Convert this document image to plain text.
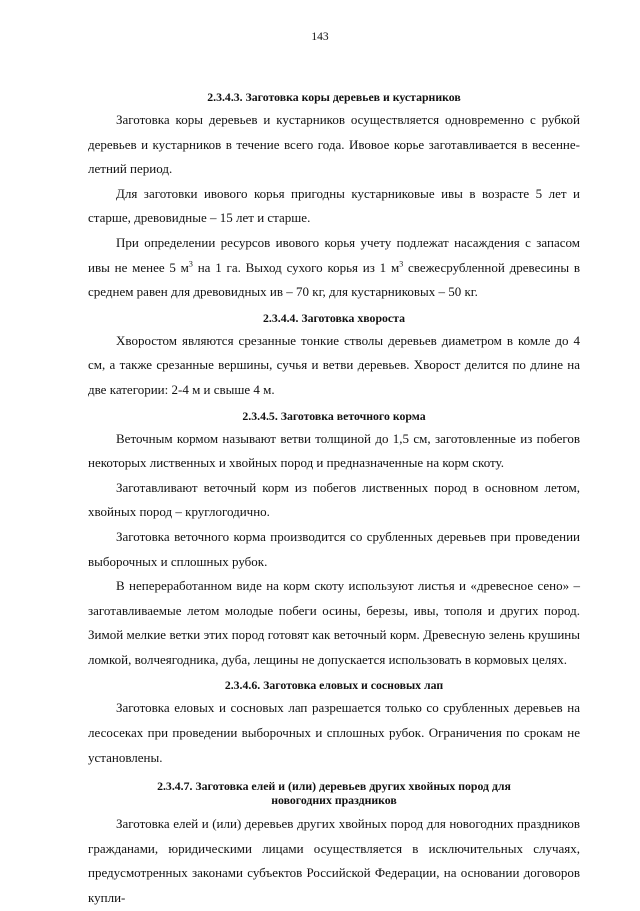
143
2.3.4.3. Заготовка коры деревьев и кустарников

Заготовка коры деревьев и кустарников осуществляется одновременно с рубкой деревьев и кустарников в течение всего года. Ивовое корье заготавливается в весенне-летний период.

Для заготовки ивового корья пригодны кустарниковые ивы в возрасте 5 лет и старше, древовидные – 15 лет и старше.

При определении ресурсов ивового корья учету подлежат насаждения с запасом ивы не менее 5 $м^3$ на 1 га. Выход сухого корья из 1 $м^3$ свежесрубленной древесины в среднем равен для древовидных ив – 70 кг, для кустарниковых – 50 кг.

2.3.4.4. Заготовка хвороста

Хворостом являются срезанные тонкие стволы деревьев диаметром в комле до 4 см, а также срезанные вершины, сучья и ветви деревьев. Хворост делится по длине на две категории: 2-4 м и свыше 4 м.

2.3.4.5. Заготовка веточного корма

Веточным кормом называют ветви толщиной до 1,5 см, заготовленные из побегов некоторых лиственных и хвойных пород и предназначенные на корм скоту.

Заготавливают веточный корм из побегов лиственных пород в основном летом, хвойных пород – круглогодично.

Заготовка веточного корма производится со срубленных деревьев при проведении выборочных и сплошных рубок.

В непереработанном виде на корм скоту используют листья и «древесное сено» – заготавливаемые летом молодые побеги осины, березы, ивы, тополя и других пород. Зимой мелкие ветки этих пород готовят как веточный корм. Древесную зелень крушины ломкой, волчеягодника, дуба, лещины не допускается использовать в кормовых целях.

2.3.4.6. Заготовка еловых и сосновых лап

Заготовка еловых и сосновых лап разрешается только со срубленных деревьев на лесосеках при проведении выборочных и сплошных рубок. Ограничения по срокам не установлены.

2.3.4.7. Заготовка елей и (или) деревьев других хвойных пород для
новогодних праздников

Заготовка елей и (или) деревьев других хвойных пород для новогодних праздников гражданами, юридическими лицами осуществляется в исключительных случаях, предусмотренных законами субъектов Российской Федерации, на основании договоров купли-
